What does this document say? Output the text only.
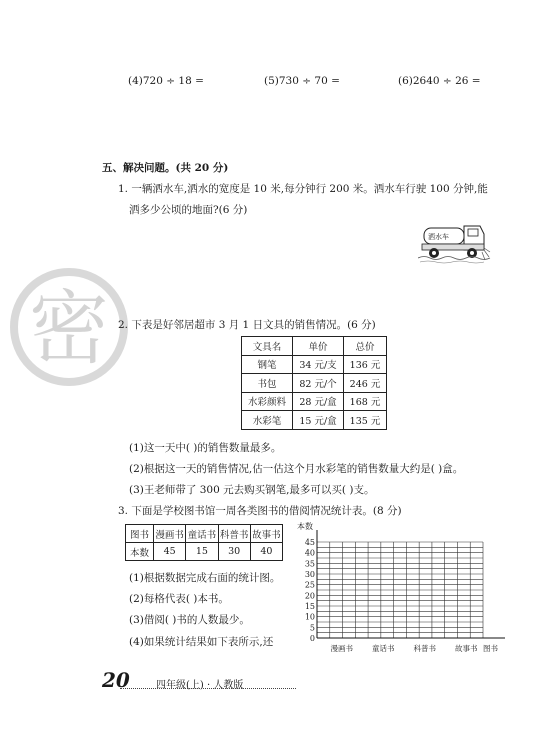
(4)720 ÷ 18 =	(5)730 ÷ 70 =	(6)2640 ÷ 26 =
五、解决问题。(共 20 分)
1. 一辆洒水车,洒水的宽度是 10 米,每分钟行 200 米。洒水车行驶 100 分钟,能
洒多少公顷的地面?(6 分)
洒水车
密 2. 下表是好邻居超市 3 月 1 日文具的销售情况。(6 分)
文具名	单价	总价
钢笔	34 元/支	136 元
书包	82 元/个	246 元
水彩颜料	28 元/盒	168 元
水彩笔	15 元/盒	135 元
(1)这一天中( )的销售数量最多。
(2)根据这一天的销售情况,估一估这个月水彩笔的销售数量大约是( )盒。
(3)王老师带了 300 元去购买钢笔,最多可以买( )支。
3. 下面是学校图书馆一周各类图书的借阅情况统计表。(8 分)
图书	漫画书	童话书	科普书	故事书
本数	45	15	30	40
(1)根据数据完成右面的统计图。
(2)每格代表( )本书。
(3)借阅( )书的人数最少。
(4)如果统计结果如下表所示,还	0
5
10
15
20
25
30
35
40
45
漫画书	童话书	科普书	故事书
本数
图书
20	四年级(上) · 人教版
